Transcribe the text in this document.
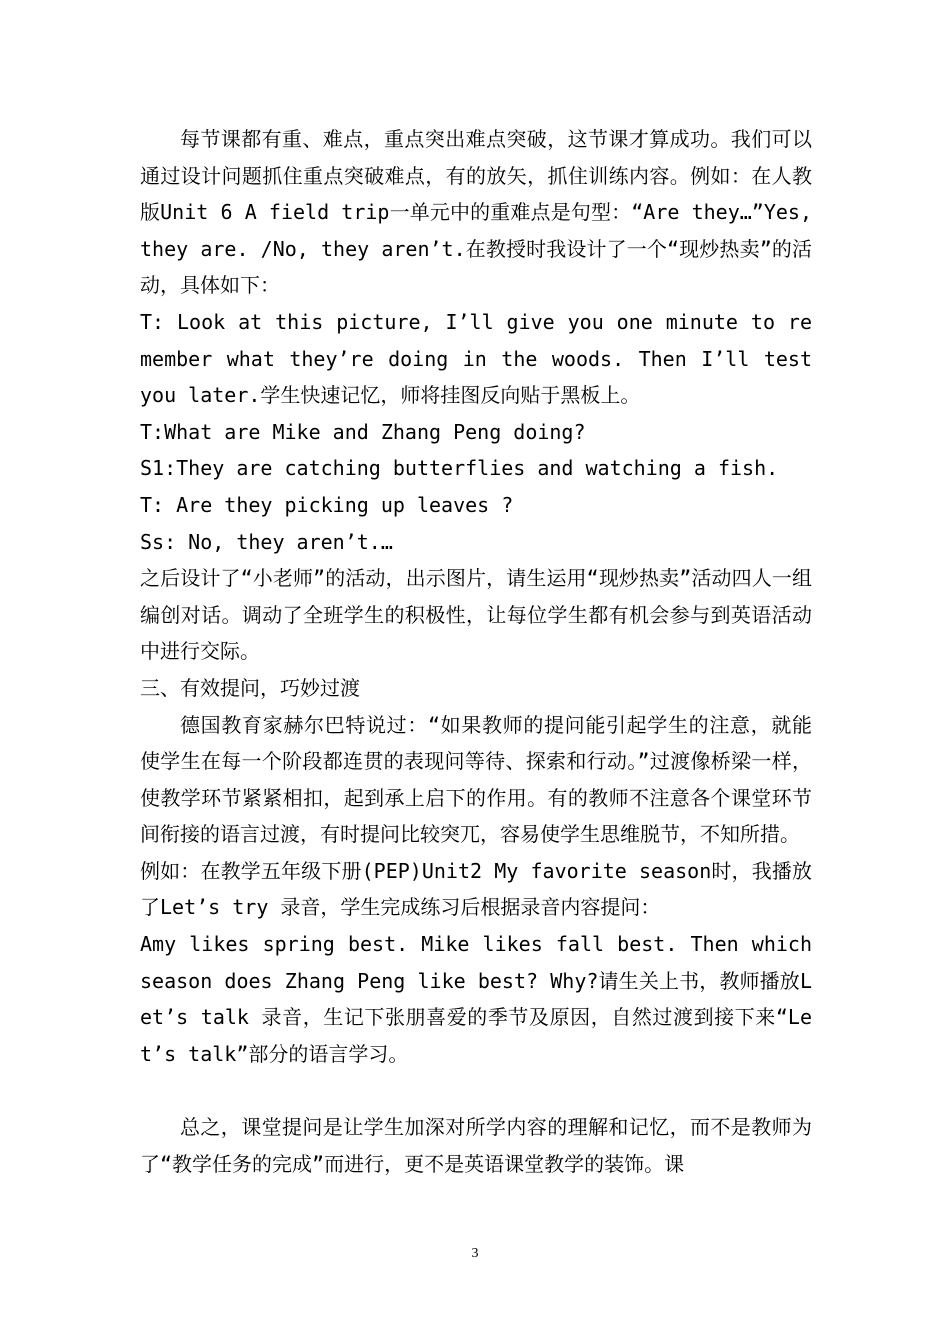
每节课都有重、难点，重点突出难点突破，这节课才算成功。我们可以通过设计问题抓住重点突破难点，有的放矢，抓住训练内容。例如：在人教版Unit 6 A field trip一单元中的重难点是句型：“Are they…”Yes, they are. /No, they aren’t.在教授时我设计了一个“现炒热卖”的活动，具体如下：

T: Look at this picture, I’ll give you one minute to remember what they’re doing in the woods. Then I’ll test you later.学生快速记忆，师将挂图反向贴于黑板上。

T:What are Mike and Zhang Peng doing?

S1:They are catching butterflies and watching a fish.

T: Are they picking up leaves ?

Ss: No, they aren’t.…

之后设计了“小老师”的活动，出示图片，请生运用“现炒热卖”活动四人一组编创对话。调动了全班学生的积极性，让每位学生都有机会参与到英语活动中进行交际。

三、有效提问，巧妙过渡

德国教育家赫尔巴特说过：“如果教师的提问能引起学生的注意，就能使学生在每一个阶段都连贯的表现问等待、探索和行动。”过渡像桥梁一样，使教学环节紧紧相扣，起到承上启下的作用。有的教师不注意各个课堂环节间衔接的语言过渡，有时提问比较突兀，容易使学生思维脱节，不知所措。

例如：在教学五年级下册(PEP)Unit2 My favorite season时，我播放了Let’s try 录音，学生完成练习后根据录音内容提问：

Amy likes spring best. Mike likes fall best. Then which season does Zhang Peng like best? Why?请生关上书，教师播放Let’s talk 录音，生记下张朋喜爱的季节及原因，自然过渡到接下来“Let’s talk”部分的语言学习。

总之，课堂提问是让学生加深对所学内容的理解和记忆，而不是教师为了“教学任务的完成”而进行，更不是英语课堂教学的装饰。课

3
